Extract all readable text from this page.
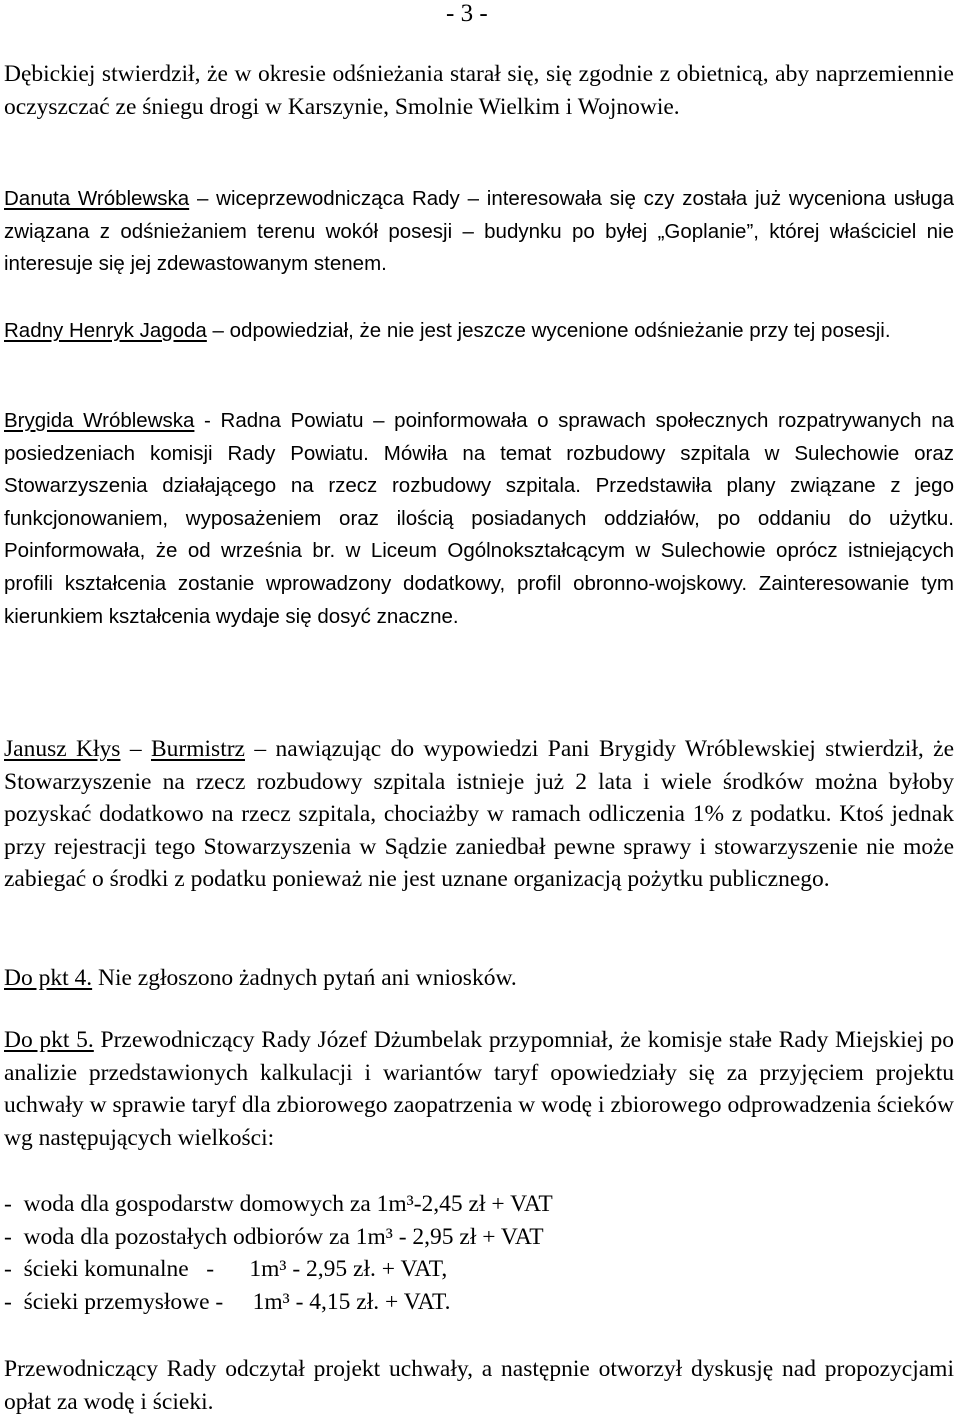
- 3 -

Dębickiej stwierdził, że w okresie odśnieżania starał się, się zgodnie z obietnicą, aby naprzemiennie oczyszczać ze śniegu drogi w Karszynie, Smolnie Wielkim i Wojnowie.

Danuta Wróblewska – wiceprzewodnicząca Rady – interesowała się czy została już wyceniona usługa związana z odśnieżaniem terenu wokół posesji – budynku po byłej „Goplanie”, której właściciel nie interesuje się jej zdewastowanym stenem.

Radny Henryk Jagoda – odpowiedział, że nie jest jeszcze wycenione odśnieżanie przy tej posesji.

Brygida Wróblewska - Radna Powiatu – poinformowała o sprawach społecznych rozpatrywanych na posiedzeniach komisji Rady Powiatu. Mówiła na temat rozbudowy szpitala w Sulechowie oraz Stowarzyszenia działającego na rzecz rozbudowy szpitala. Przedstawiła plany związane z jego funkcjonowaniem, wyposażeniem oraz ilością posiadanych oddziałów, po oddaniu do użytku. Poinformowała, że od września br. w Liceum Ogólnokształcącym w Sulechowie oprócz istniejących profili kształcenia zostanie wprowadzony dodatkowy, profil obronno-wojskowy. Zainteresowanie tym kierunkiem kształcenia wydaje się dosyć znaczne.

Janusz Kłys – Burmistrz – nawiązując do wypowiedzi Pani Brygidy Wróblewskiej stwierdził, że Stowarzyszenie na rzecz rozbudowy szpitala istnieje już 2 lata i wiele środków można byłoby pozyskać dodatkowo na rzecz szpitala, chociażby w ramach odliczenia 1% z podatku. Ktoś jednak przy rejestracji tego Stowarzyszenia w Sądzie zaniedbał pewne sprawy i stowarzyszenie nie może zabiegać o środki z podatku ponieważ nie jest uznane organizacją pożytku publicznego.

Do pkt 4. Nie zgłoszono żadnych pytań ani wniosków.

Do pkt 5. Przewodniczący Rady Józef Dżumbelak przypomniał, że komisje stałe Rady Miejskiej po analizie przedstawionych kalkulacji i wariantów taryf opowiedziały się za przyjęciem projektu uchwały w sprawie taryf dla zbiorowego zaopatrzenia w wodę i zbiorowego odprowadzenia ścieków wg następujących wielkości:

-  woda dla gospodarstw domowych za 1m³-2,45 zł + VAT
-  woda dla pozostałych odbiorów za 1m³ - 2,95 zł + VAT
-  ścieki komunalne   -      1m³ - 2,95 zł. + VAT,
-  ścieki przemysłowe -     1m³ - 4,15 zł. + VAT.

Przewodniczący Rady odczytał projekt uchwały, a następnie otworzył dyskusję nad propozycjami opłat za wodę i ścieki.
